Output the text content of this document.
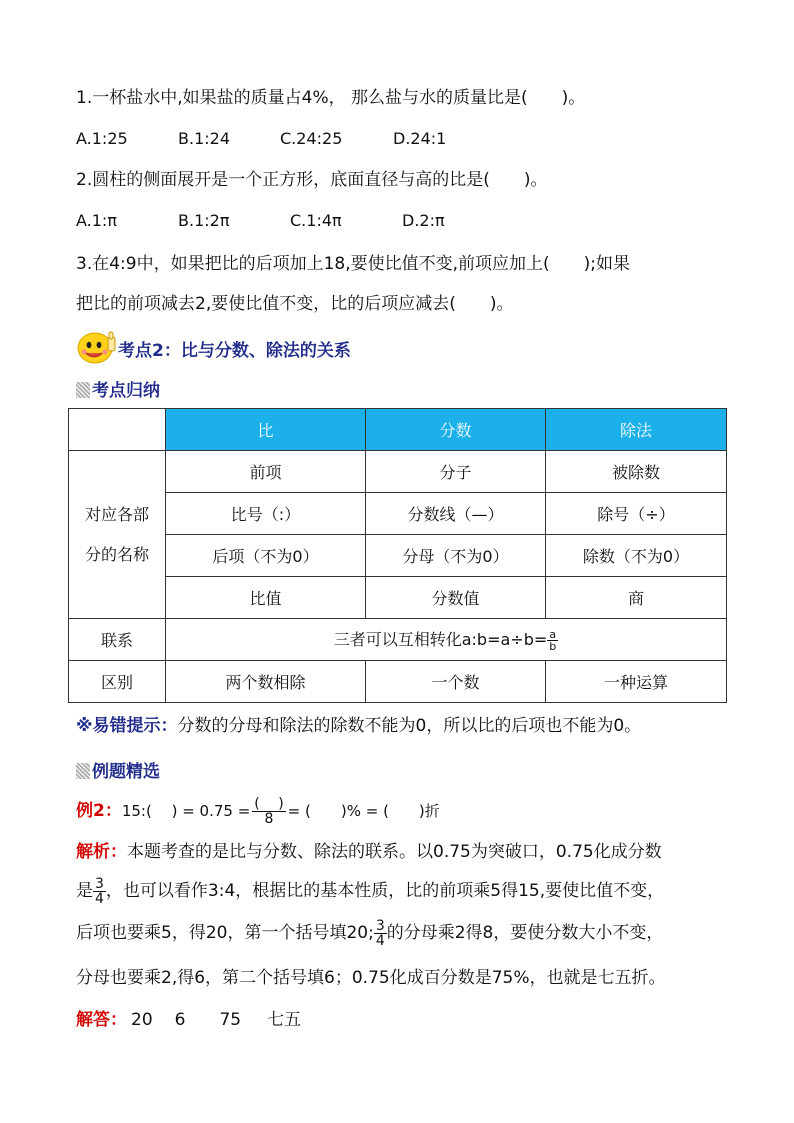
1.一杯盐水中,如果盐的质量占4%， 那么盐与水的质量比是(　　)。
A.1:25	B.1:24	C.24:25	D.24:1
2.圆柱的侧面展开是一个正方形，底面直径与高的比是(　　)。
A.1:π	B.1:2π	C.1:4π	D.2:π
3.在4:9中，如果把比的后项加上18,要使比值不变,前项应加上(　　);如果
把比的前项减去2,要使比值不变，比的后项应减去(　　)。
考点2：比与分数、除法的关系
考点归纳
	比	分数	除法

对应各部
分的名称	前项	分子	被除数
	比号（:）	分数线（—）	除号（÷）
	后项（不为0）	分母（不为0）	除数（不为0）
	比值	分数值	商
联系	三者可以互相转化a:b=a÷b= $\frac{a}{b}$

区别	两个数相除	一个数	一种运算
※易错提示：分数的分母和除法的除数不能为0，所以比的后项也不能为0。
例题精选
例2：15:(　 ) = $0.75 = \frac{( )}{8}$ = (　　)% = (　　)折
解析：本题考查的是比与分数、除法的联系。以0.75为突破口，0.75化成分数
是 $\frac{3}{4}$ ，也可以看作3:4，根据比的基本性质，比的前项乘5得15,要使比值不变，
后项也要乘5，得20，第一个括号填20; $\frac{3}{4}$ 的分母乘2得8，要使分数大小不变，
分母也要乘2,得6，第二个括号填6；0.75化成百分数是75%，也就是七五折。
解答： 20 6 75 七五
